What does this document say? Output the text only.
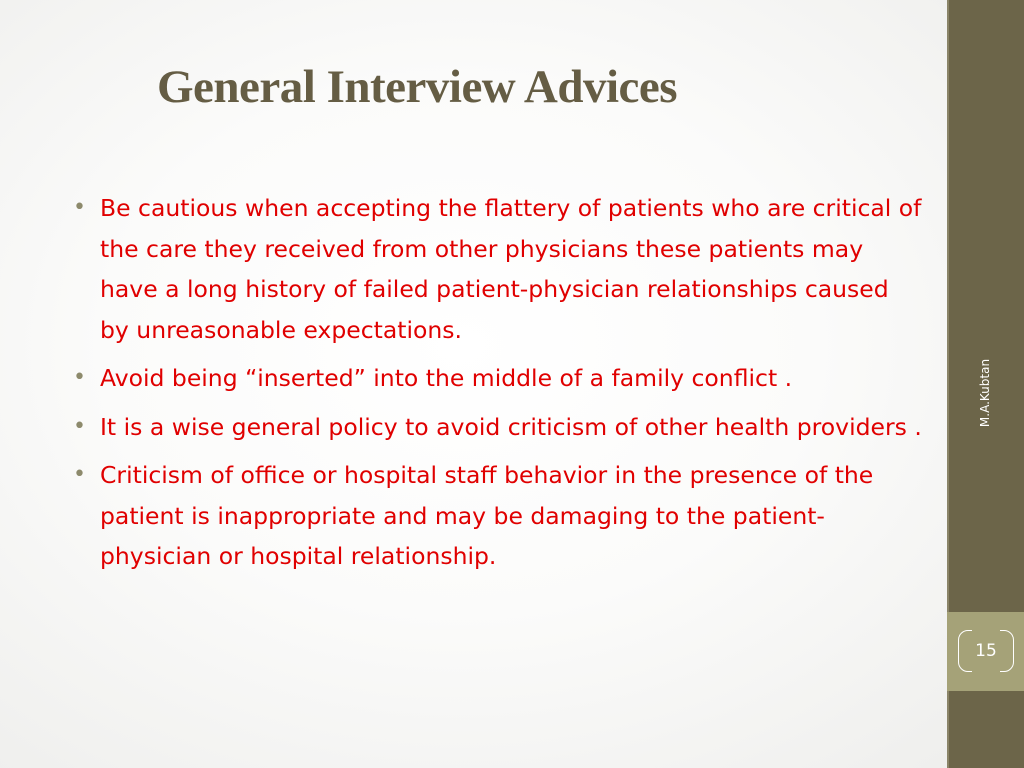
M.A.Kubtan
15
General Interview Advices
• Be cautious when accepting the flattery of patients who are critical of the care they received from other physicians these patients may have a long history of failed patient-physician relationships caused by unreasonable expectations.
• Avoid being “inserted” into the middle of a family conflict .
• It is a wise general policy to avoid criticism of other health providers .
• Criticism of office or hospital staff behavior in the presence of the patient is inappropriate and may be damaging to the patient-physician or hospital relationship.
